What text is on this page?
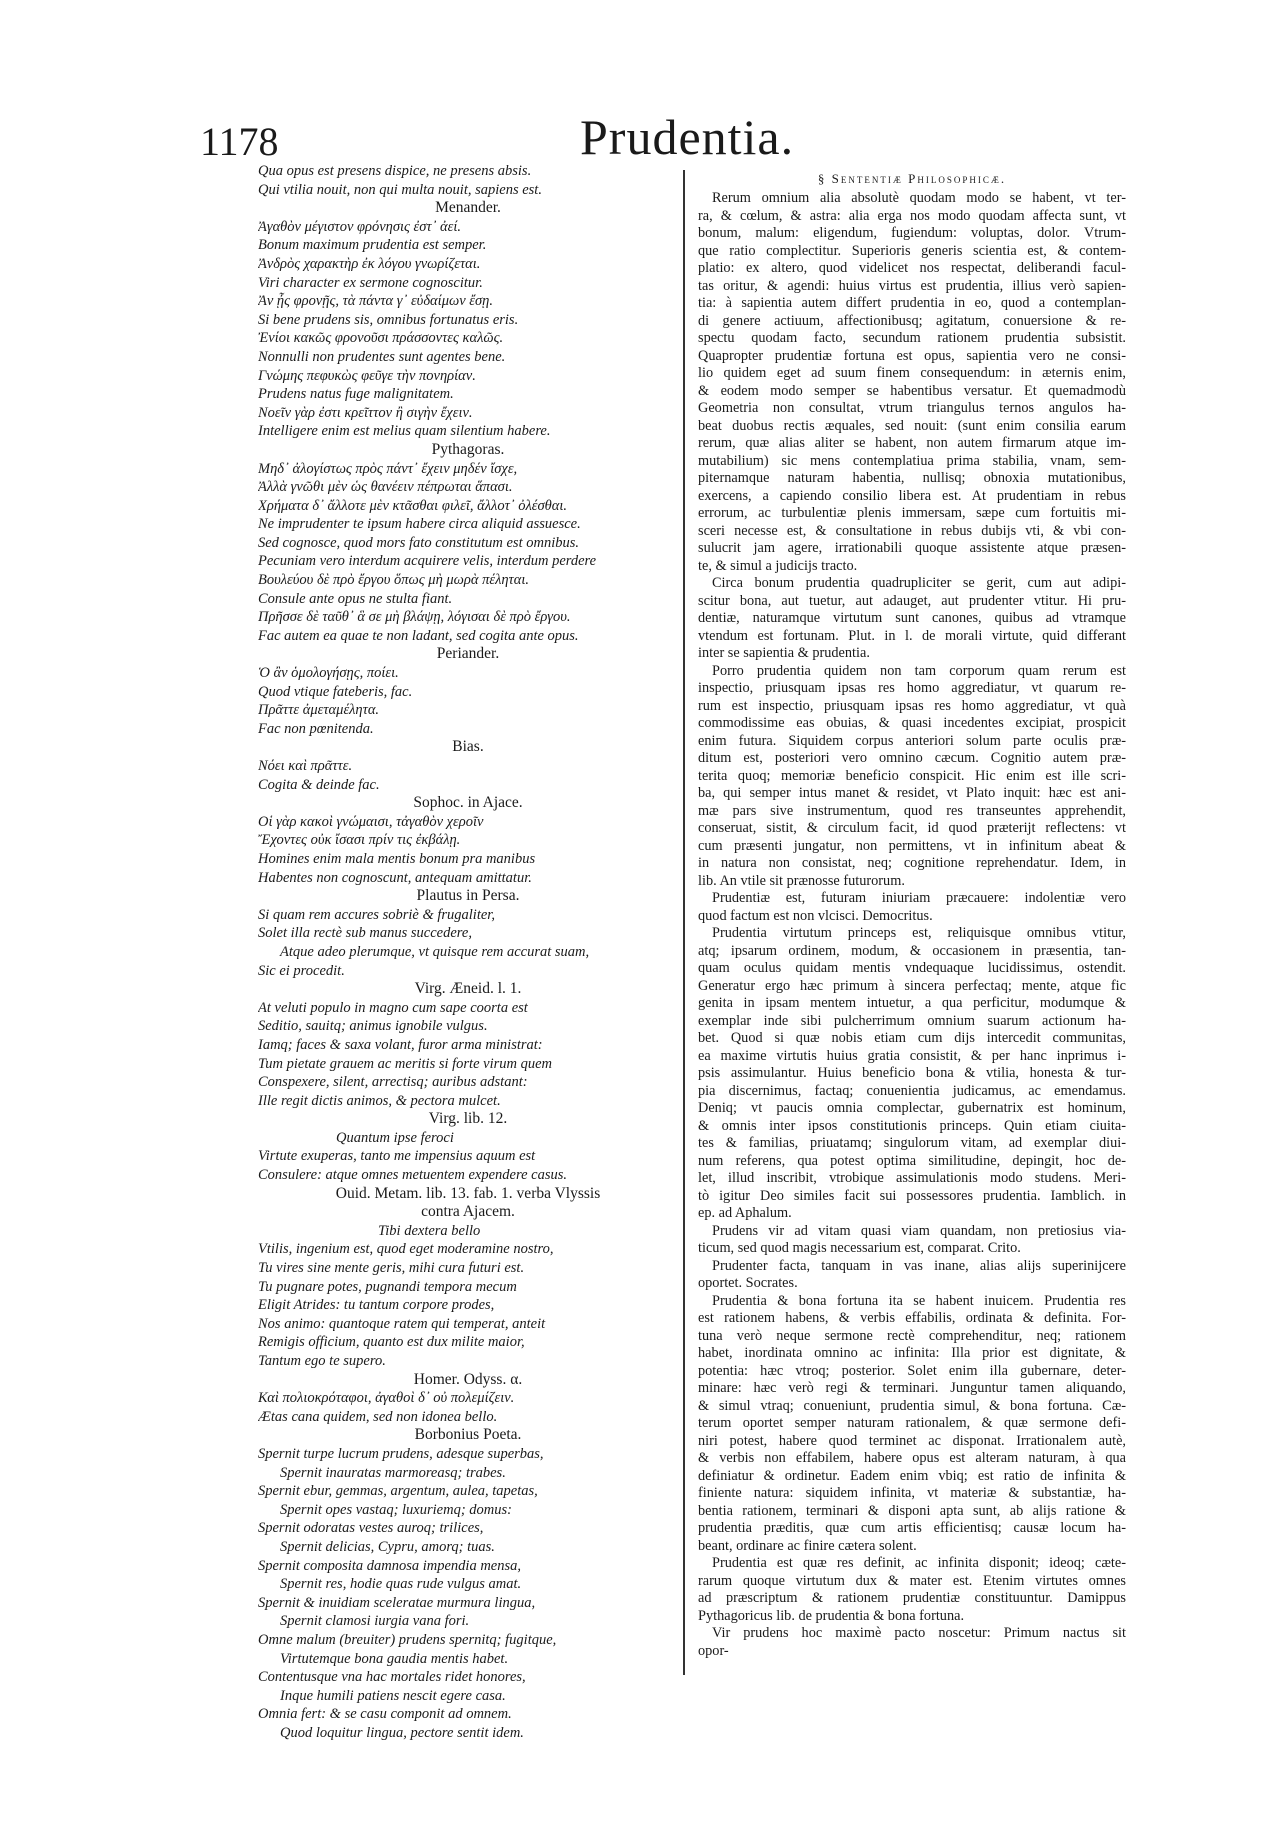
1178	Prudentia.
Qua opus est presens dispice, ne presens absis.
Qui vtilia nouit, non qui multa nouit, sapiens est.
Menander.
Ἀγαθὸν μέγιστον φρόνησις ἐστ᾽ ἀεί.
Bonum maximum prudentia est semper.
Ἀνδρὸς χαρακτὴρ ἐκ λόγου γνωρίζεται.
Viri character ex sermone cognoscitur.
Ἀν ᾖς φρονῇς, τὰ πάντα γ᾽ εὐδαίμων ἔσῃ.
Si bene prudens sis, omnibus fortunatus eris.
Ἐνίοι κακῶς φρονοῦσι πράσσοντες καλῶς.
Nonnulli non prudentes sunt agentes bene.
Γνώμης πεφυκὼς φεῦγε τὴν πονηρίαν.
Prudens natus fuge malignitatem.
Νοεῖν γὰρ ἐστι κρεῖττον ἢ σιγὴν ἔχειν.
Intelligere enim est melius quam silentium habere.
Pythagoras.
Μηδ᾽ ἀλογίστως πρὸς πάντ᾽ ἔχειν μηδέν ἴσχε,
Ἀλλὰ γνῶθι μὲν ὡς θανέειν πέπρωται ἅπασι.
Χρήματα δ᾽ ἄλλοτε μὲν κτᾶσθαι φιλεῖ, ἄλλοτ᾽ ὀλέσθαι.
Ne imprudenter te ipsum habere circa aliquid assuesce.
Sed cognosce, quod mors fato constitutum est omnibus.
Pecuniam vero interdum acquirere velis, interdum perdere
Βουλεύου δὲ πρὸ ἔργου ὅπως μὴ μωρὰ πέληται.
Consule ante opus ne stulta fiant.
Πρῆσσε δὲ ταῦθ᾽ ἃ σε μὴ βλάψῃ, λόγισαι δὲ πρὸ ἔργου.
Fac autem ea quae te non ladant, sed cogita ante opus.
Periander.
Ὁ ἂν ὁμολογήσῃς, ποίει.
Quod vtique fateberis, fac.
Πρᾶττε ἀμεταμέλητα.
Fac non pœnitenda.
Bias.
Νόει καὶ πρᾶττε.
Cogita & deinde fac.
Sophoc. in Ajace.
Οἱ γὰρ κακοὶ γνώμαισι, τἀγαθὸν χεροῖν
Ἔχοντες οὐκ ἴσασι πρίν τις ἐκβάλῃ.
Homines enim mala mentis bonum pra manibus
Habentes non cognoscunt, antequam amittatur.
Plautus in Persa.
Si quam rem accures sobriè & frugaliter,
Solet illa rectè sub manus succedere,
Atque adeo plerumque, vt quisque rem accurat suam,
Sic ei procedit.
Virg. Æneid. l. 1.
At veluti populo in magno cum sape coorta est
Seditio, sauitq; animus ignobile vulgus.
Iamq; faces & saxa volant, furor arma ministrat:
Tum pietate grauem ac meritis si forte virum quem
Conspexere, silent, arrectisq; auribus adstant:
Ille regit dictis animos, & pectora mulcet.
Virg. lib. 12.
Quantum ipse feroci
Virtute exuperas, tanto me impensius aquum est
Consulere: atque omnes metuentem expendere casus.
Ouid. Metam. lib. 13. fab. 1. verba Vlyssis
contra Ajacem.
Tibi dextera bello
Vtilis, ingenium est, quod eget moderamine nostro,
Tu vires sine mente geris, mihi cura futuri est.
Tu pugnare potes, pugnandi tempora mecum
Eligit Atrides: tu tantum corpore prodes,
Nos animo: quantoque ratem qui temperat, anteit
Remigis officium, quanto est dux milite maior,
Tantum ego te supero.
Homer. Odyss. α.
Καὶ πολιοκρόταφοι, ἀγαθοὶ δ᾽ οὐ πολεμίζειν.
Ætas cana quidem, sed non idonea bello.
Borbonius Poeta.
Spernit turpe lucrum prudens, adesque superbas,
Spernit inauratas marmoreasq; trabes.
Spernit ebur, gemmas, argentum, aulea, tapetas,
Spernit opes vastaq; luxuriemq; domus:
Spernit odoratas vestes auroq; trilices,
Spernit delicias, Cypru, amorq; tuas.
Spernit composita damnosa impendia mensa,
Spernit res, hodie quas rude vulgus amat.
Spernit & inuidiam sceleratae murmura lingua,
Spernit clamosi iurgia vana fori.
Omne malum (breuiter) prudens spernitq; fugitque,
Virtutemque bona gaudia mentis habet.
Contentusque vna hac mortales ridet honores,
Inque humili patiens nescit egere casa.
Omnia fert: & se casu componit ad omnem.
Quod loquitur lingua, pectore sentit idem.
§ Sententiæ Philosophicæ.
Rerum omnium alia absolutè quodam modo se habent, vt ter-
ra, & cœlum, & astra: alia erga nos modo quodam affecta sunt, vt
bonum, malum: eligendum, fugiendum: voluptas, dolor. Vtrum-
que ratio complectitur. Superioris generis scientia est, & contem-
platio: ex altero, quod videlicet nos respectat, deliberandi facul-
tas oritur, & agendi: huius virtus est prudentia, illius verò sapien-
tia: à sapientia autem differt prudentia in eo, quod a contemplan-
di genere actiuum, affectionibusq; agitatum, conuersione & re-
spectu quodam facto, secundum rationem prudentia subsistit.
Quapropter prudentiæ fortuna est opus, sapientia vero ne consi-
lio quidem eget ad suum finem consequendum: in æternis enim,
& eodem modo semper se habentibus versatur. Et quemadmodù
Geometria non consultat, vtrum triangulus ternos angulos ha-
beat duobus rectis æquales, sed nouit: (sunt enim consilia earum
rerum, quæ alias aliter se habent, non autem firmarum atque im-
mutabilium) sic mens contemplatiua prima stabilia, vnam, sem-
piternamque naturam habentia, nullisq; obnoxia mutationibus,
exercens, a capiendo consilio libera est. At prudentiam in rebus
errorum, ac turbulentiæ plenis immersam, sæpe cum fortuitis mi-
sceri necesse est, & consultatione in rebus dubijs vti, & vbi con-
sulucrit jam agere, irrationabili quoque assistente atque præsen-
te, & simul a judicijs tracto.
Circa bonum prudentia quadrupliciter se gerit, cum aut adipi-
scitur bona, aut tuetur, aut adauget, aut prudenter vtitur. Hi pru-
dentiæ, naturamque virtutum sunt canones, quibus ad vtramque
vtendum est fortunam. Plut. in l. de morali virtute, quid differant
inter se sapientia & prudentia.
Porro prudentia quidem non tam corporum quam rerum est
inspectio, priusquam ipsas res homo aggrediatur, vt quarum re-
rum est inspectio, priusquam ipsas res homo aggrediatur, vt quà
commodissime eas obuias, & quasi incedentes excipiat, prospicit
enim futura. Siquidem corpus anteriori solum parte oculis præ-
ditum est, posteriori vero omnino cæcum. Cognitio autem præ-
terita quoq; memoriæ beneficio conspicit. Hic enim est ille scri-
ba, qui semper intus manet & residet, vt Plato inquit: hæc est ani-
mæ pars sive instrumentum, quod res transeuntes apprehendit,
conseruat, sistit, & circulum facit, id quod præterijt reflectens: vt
cum præsenti jungatur, non permittens, vt in infinitum abeat &
in natura non consistat, neq; cognitione reprehendatur. Idem, in
lib. An vtile sit prænosse futurorum.
Prudentiæ est, futuram iniuriam præcauere: indolentiæ vero
quod factum est non vlcisci. Democritus.
Prudentia virtutum princeps est, reliquisque omnibus vtitur,
atq; ipsarum ordinem, modum, & occasionem in præsentia, tan-
quam oculus quidam mentis vndequaque lucidissimus, ostendit.
Generatur ergo hæc primum à sincera perfectaq; mente, atque fic
genita in ipsam mentem intuetur, a qua perficitur, modumque &
exemplar inde sibi pulcherrimum omnium suarum actionum ha-
bet. Quod si quæ nobis etiam cum dijs intercedit communitas,
ea maxime virtutis huius gratia consistit, & per hanc inprimus i-
psis assimulantur. Huius beneficio bona & vtilia, honesta & tur-
pia discernimus, factaq; conuenientia judicamus, ac emendamus.
Deniq; vt paucis omnia complectar, gubernatrix est hominum,
& omnis inter ipsos constitutionis princeps. Quin etiam ciuita-
tes & familias, priuatamq; singulorum vitam, ad exemplar diui-
num referens, qua potest optima similitudine, depingit, hoc de-
let, illud inscribit, vtrobique assimulationis modo studens. Meri-
tò igitur Deo similes facit sui possessores prudentia. Iamblich. in
ep. ad Aphalum.
Prudens vir ad vitam quasi viam quandam, non pretiosius via-
ticum, sed quod magis necessarium est, comparat. Crito.
Prudenter facta, tanquam in vas inane, alias alijs superinijcere
oportet. Socrates.
Prudentia & bona fortuna ita se habent inuicem. Prudentia res
est rationem habens, & verbis effabilis, ordinata & definita. For-
tuna verò neque sermone rectè comprehenditur, neq; rationem
habet, inordinata omnino ac infinita: Illa prior est dignitate, &
potentia: hæc vtroq; posterior. Solet enim illa gubernare, deter-
minare: hæc verò regi & terminari. Junguntur tamen aliquando,
& simul vtraq; conueniunt, prudentia simul, & bona fortuna. Cæ-
terum oportet semper naturam rationalem, & quæ sermone defi-
niri potest, habere quod terminet ac disponat. Irrationalem autè,
& verbis non effabilem, habere opus est alteram naturam, à qua
definiatur & ordinetur. Eadem enim vbiq; est ratio de infinita &
finiente natura: siquidem infinita, vt materiæ & substantiæ, ha-
bentia rationem, terminari & disponi apta sunt, ab alijs ratione &
prudentia præditis, quæ cum artis efficientisq; causæ locum ha-
beant, ordinare ac finire cætera solent.
Prudentia est quæ res definit, ac infinita disponit; ideoq; cæte-
rarum quoque virtutum dux & mater est. Etenim virtutes omnes
ad præscriptum & rationem prudentiæ constituuntur. Damippus
Pythagoricus lib. de prudentia & bona fortuna.
Vir prudens hoc maximè pacto noscetur: Primum nactus sit
opor-
